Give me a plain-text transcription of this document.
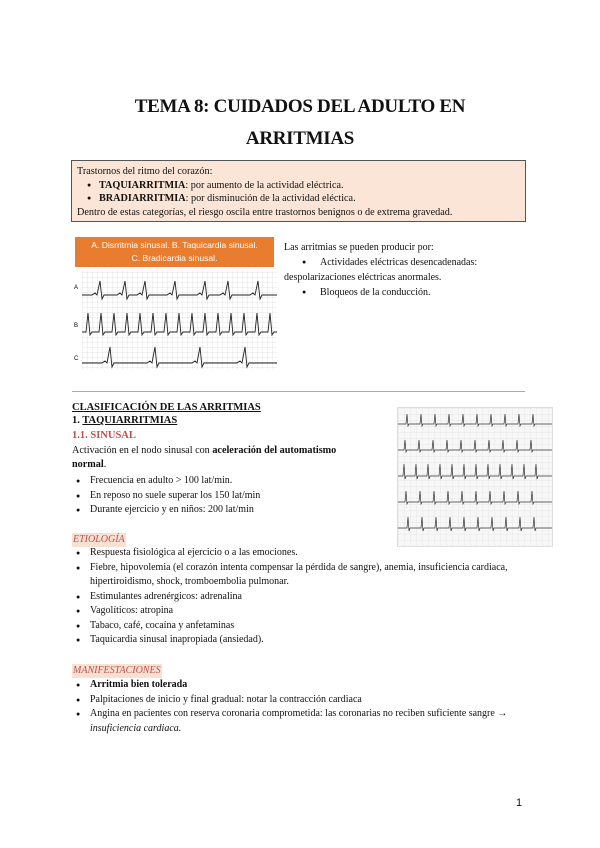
TEMA 8: CUIDADOS DEL ADULTO EN
ARRITMIAS
Trastornos del ritmo del corazón:
● TAQUIARRITMIA: por aumento de la actividad eléctrica.
● BRADIARRITMIA: por disminución de la actividad eléctica.
Dentro de estas categorías, el riesgo oscila entre trastornos benignos o de extrema gravedad.
A. Disrritmia sinusal. B. Taquicardia sinusal.
C. Bradicardia sinusal.
A
B
C
Las arritmias se pueden producir por:
● Actividades eléctricas desencadenadas:
despolarizaciones eléctricas anormales.
● Bloqueos de la conducción.
CLASIFICACIÓN DE LAS ARRITMIAS
1. TAQUIARRITMIAS
1.1. SINUSAL
Activación en el nodo sinusal con aceleración del automatismo normal.
● Frecuencia en adulto > 100 lat/min.
● En reposo no suele superar los 150 lat/min
● Durante ejercicio y en niños: 200 lat/min
ETIOLOGÍA
● Respuesta fisiológica al ejercicio o a las emociones.
● Fiebre, hipovolemia (el corazón intenta compensar la pérdida de sangre), anemia, insuficiencia cardiaca, hipertiroidismo, shock, tromboembolia pulmonar.
● Estimulantes adrenérgicos: adrenalina
● Vagolíticos: atropina
● Tabaco, café, cocaína y anfetaminas
● Taquicardia sinusal inapropiada (ansiedad).
MANIFESTACIONES
● Arritmia bien tolerada
● Palpitaciones de inicio y final gradual: notar la contracción cardiaca
● Angina en pacientes con reserva coronaria comprometida: las coronarias no reciben suficiente sangre → insuficiencia cardiaca.
1
